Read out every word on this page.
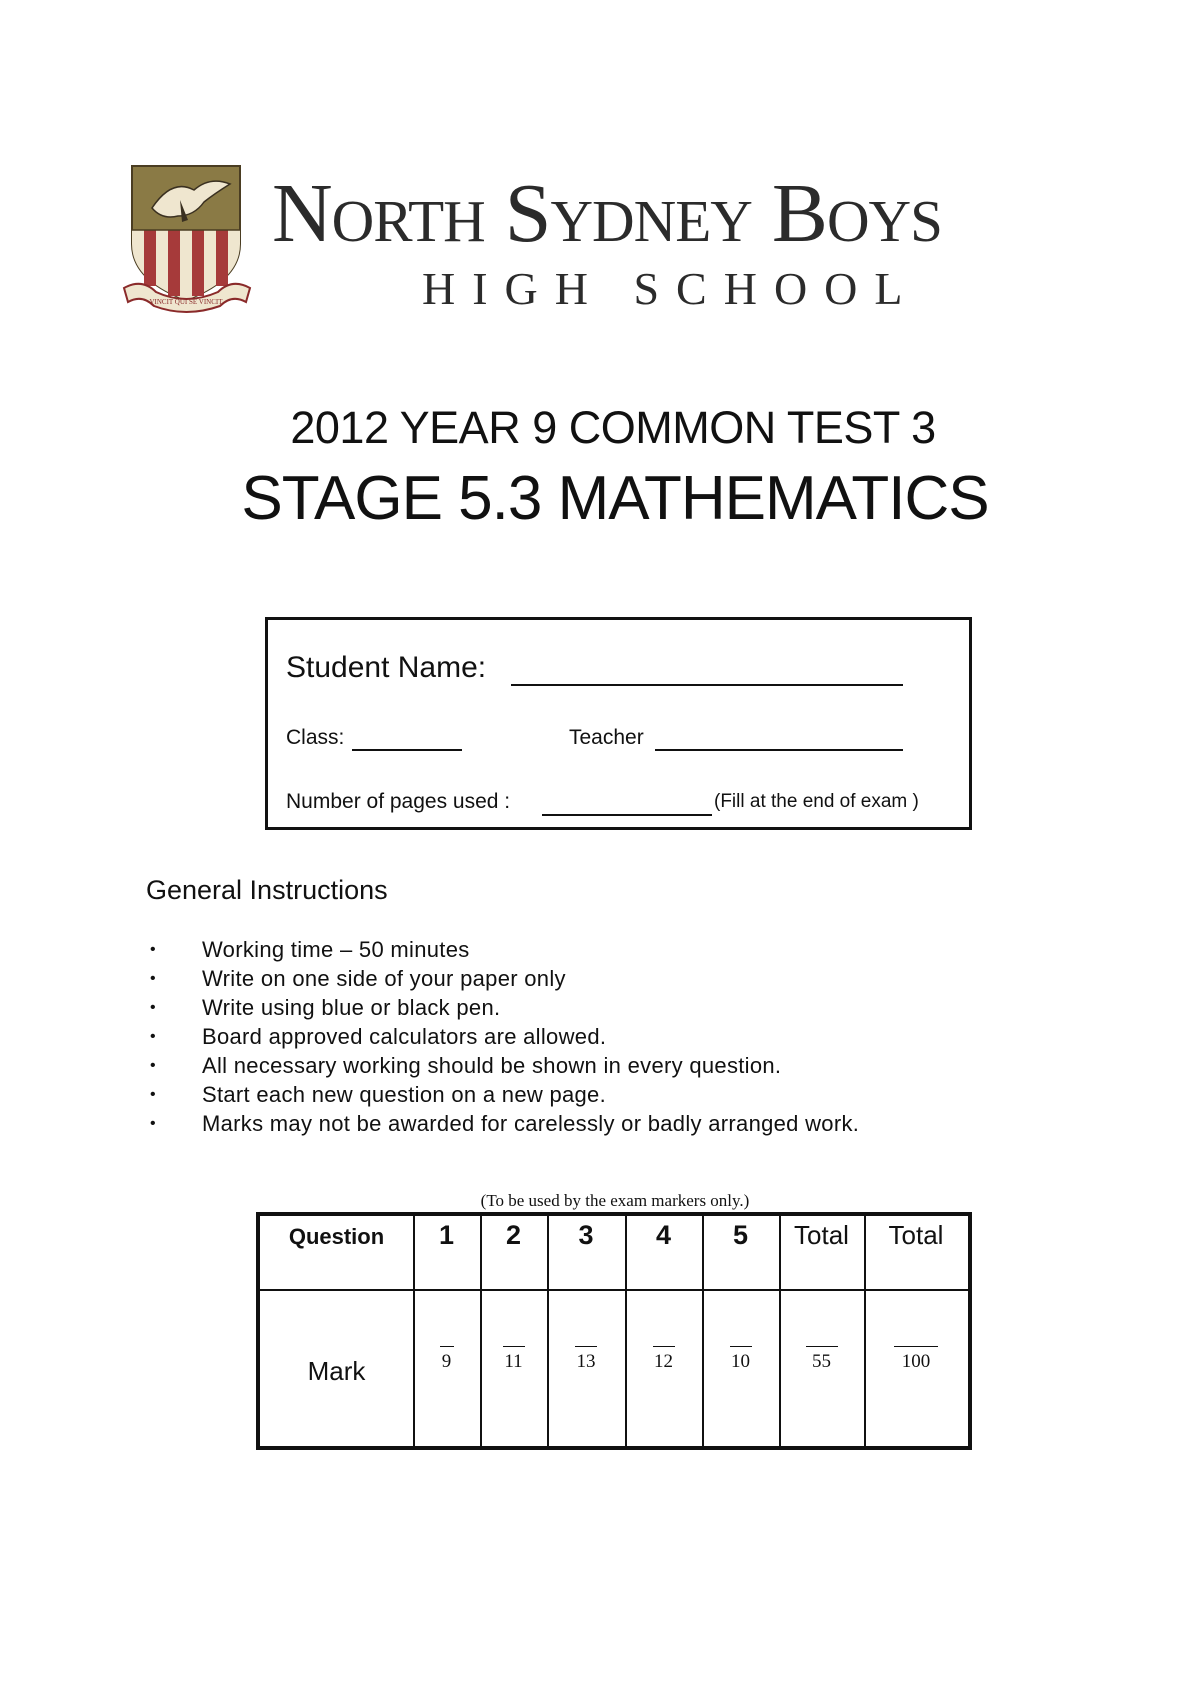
VINCIT QUI SE VINCIT
North Sydney Boys
HIGH SCHOOL
2012 YEAR 9 COMMON TEST 3
STAGE 5.3 MATHEMATICS
Student Name:
Class:	Teacher
Number of pages used :	(Fill at the end of exam )
General Instructions
• Working time – 50 minutes
• Write on one side of your paper only
• Write using blue or black pen.
• Board approved calculators are allowed.
• All necessary working should be shown in every question.
• Start each new question on a new page.
• Marks may not be awarded for carelessly or badly arranged work.
(To be used by the exam markers only.)
Question	1	2	3	4	5	Total	Total
Mark	9	11	13	12	10	55	100
